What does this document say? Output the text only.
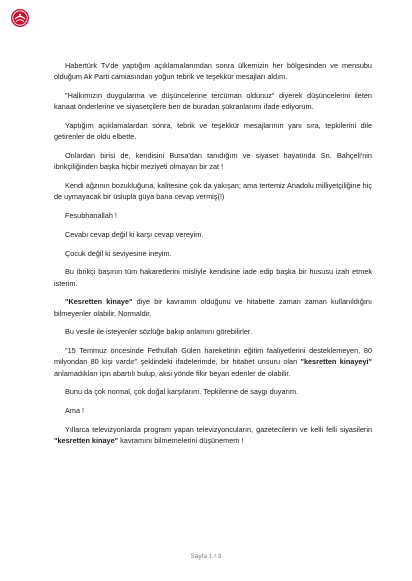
Habertürk Tv'de yaptığım açıklamalarımdan sonra ülkemizin her bölgesinden ve mensubu olduğum Ak Parti camiasından yoğun tebrik ve teşekkür mesajları aldım.

"Halkımızın duygularına ve düşüncelerine tercüman oldunuz" diyerek düşüncelerini ileten kanaat önderlerine ve siyasetçilere ben de buradan şükranlarımı ifade ediyorum.

Yaptığım açıklamalardan sonra, tebrik ve teşekkür mesajlarının yanı sıra, tepkilerini dile getirenler de oldu elbette.

Onlardan birisi de, kendisini Bursa'dan tanıdığım ve siyaset hayatında Sn. Bahçeli'nin ibrikçiliğinden başka hiçbir meziyeti olmayan bir zat !

Kendi ağzının bozukluğuna, kalitesine çok da yakışan; ama tertemiz Anadolu milliyetçiliğine hiç de uymayacak bir üslupla güya bana cevap vermiş(!)

Fesubhanallah !

Cevabı cevap değil ki karşı cevap vereyim.

Çocuk değil ki seviyesine ineyim.

Bu ibrikçi başının tüm hakaretlerini misliyle kendisine iade edip başka bir hususu izah etmek isterim.

"Kesretten kinaye" diye bir kavramın olduğunu ve hitabette zaman zaman kullanıldığını bilmeyenler olabilir. Normaldir.

Bu vesile ile isteyenler sözlüğe bakıp anlamını görebilirler.

"15 Temmuz öncesinde Fethullah Gülen hareketinin eğitim faaliyetlerini desteklemeyen, 80 milyondan 80 kişi vardır" şeklindeki ifadelerimde, bir hitabet unsuru olan "kesretten kinayeyi" anlamadıkları için abartılı bulup, aksi yönde fikir beyan edenler de olabilir.

Bunu da çok normal, çok doğal karşılarım. Tepkilerine de saygı duyarım.

Ama !

Yıllarca televizyonlarda program yapan televizyoncuların, gazetecilerin ve kelli felli siyasilerin "kesretten kinaye" kavramını bilmemelerini düşünemem !

Sayfa 1 / 3
